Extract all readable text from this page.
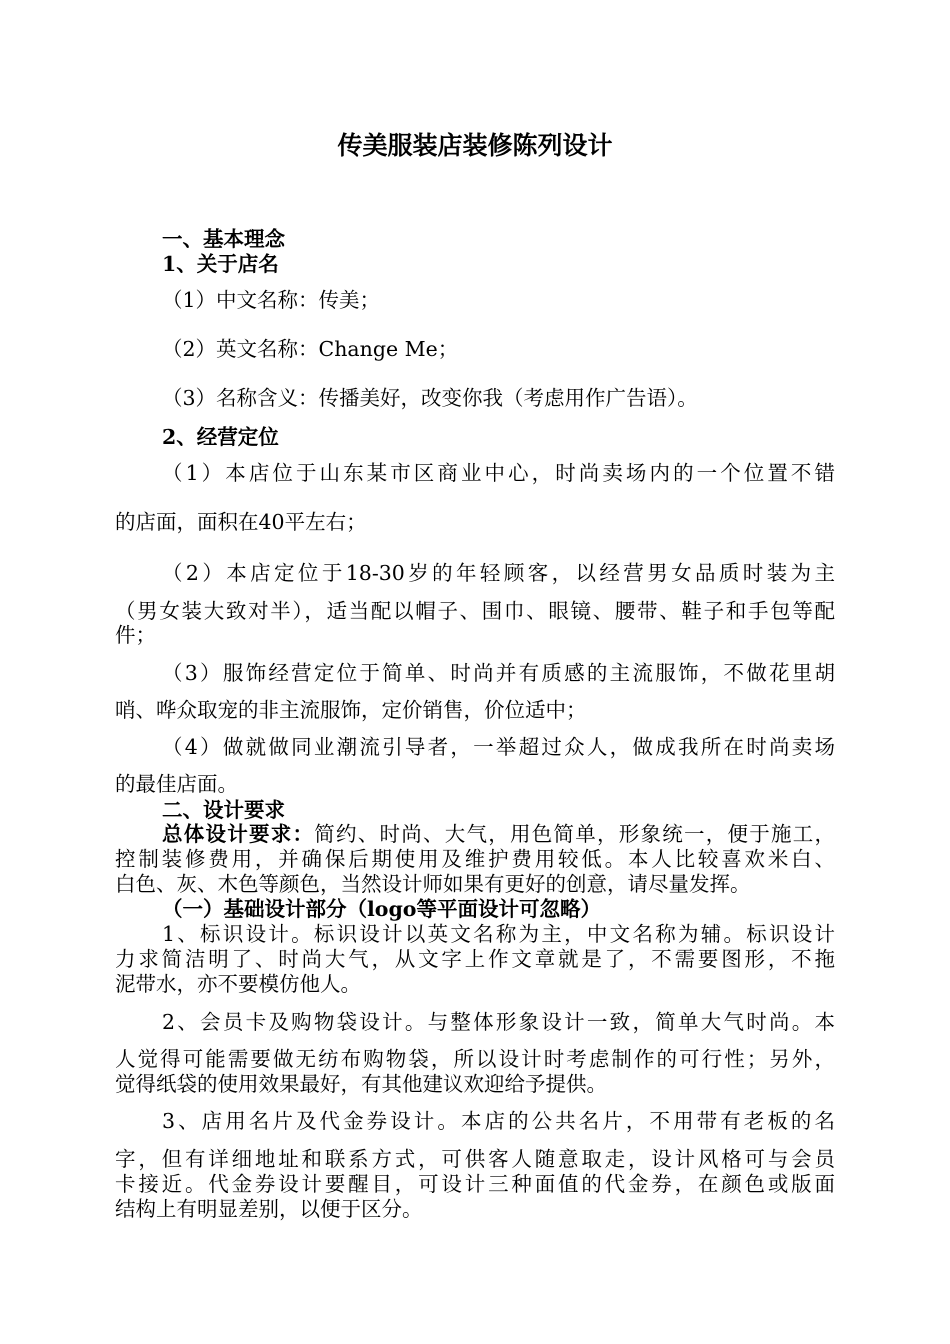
传美服装店装修陈列设计
一、基本理念
1、关于店名
（1）中文名称：传美；
（2）英文名称：Change Me；
（3）名称含义：传播美好，改变你我（考虑用作广告语）。
2、经营定位
（1）本店位于山东某市区商业中心，时尚卖场内的一个位置不错
的店面，面积在40平左右；
（2）本店定位于18-30岁的年轻顾客，以经营男女品质时装为主
（男女装大致对半），适当配以帽子、围巾、眼镜、腰带、鞋子和手包等配
件；
（3）服饰经营定位于简单、时尚并有质感的主流服饰，不做花里胡
哨、哗众取宠的非主流服饰，定价销售，价位适中；
（4）做就做同业潮流引导者，一举超过众人，做成我所在时尚卖场
的最佳店面。
二、设计要求
总体设计要求：简约、时尚、大气，用色简单，形象统一，便于施工，
控制装修费用，并确保后期使用及维护费用较低。本人比较喜欢米白、
白色、灰、木色等颜色，当然设计师如果有更好的创意，请尽量发挥。
（一）基础设计部分（logo等平面设计可忽略）
1、标识设计。标识设计以英文名称为主，中文名称为辅。标识设计
力求简洁明了、时尚大气，从文字上作文章就是了，不需要图形，不拖
泥带水，亦不要模仿他人。
2、会员卡及购物袋设计。与整体形象设计一致，简单大气时尚。本
人觉得可能需要做无纺布购物袋，所以设计时考虑制作的可行性；另外，
觉得纸袋的使用效果最好，有其他建议欢迎给予提供。
3、店用名片及代金券设计。本店的公共名片，不用带有老板的名
字，但有详细地址和联系方式，可供客人随意取走，设计风格可与会员
卡接近。代金券设计要醒目，可设计三种面值的代金券，在颜色或版面
结构上有明显差别，以便于区分。
